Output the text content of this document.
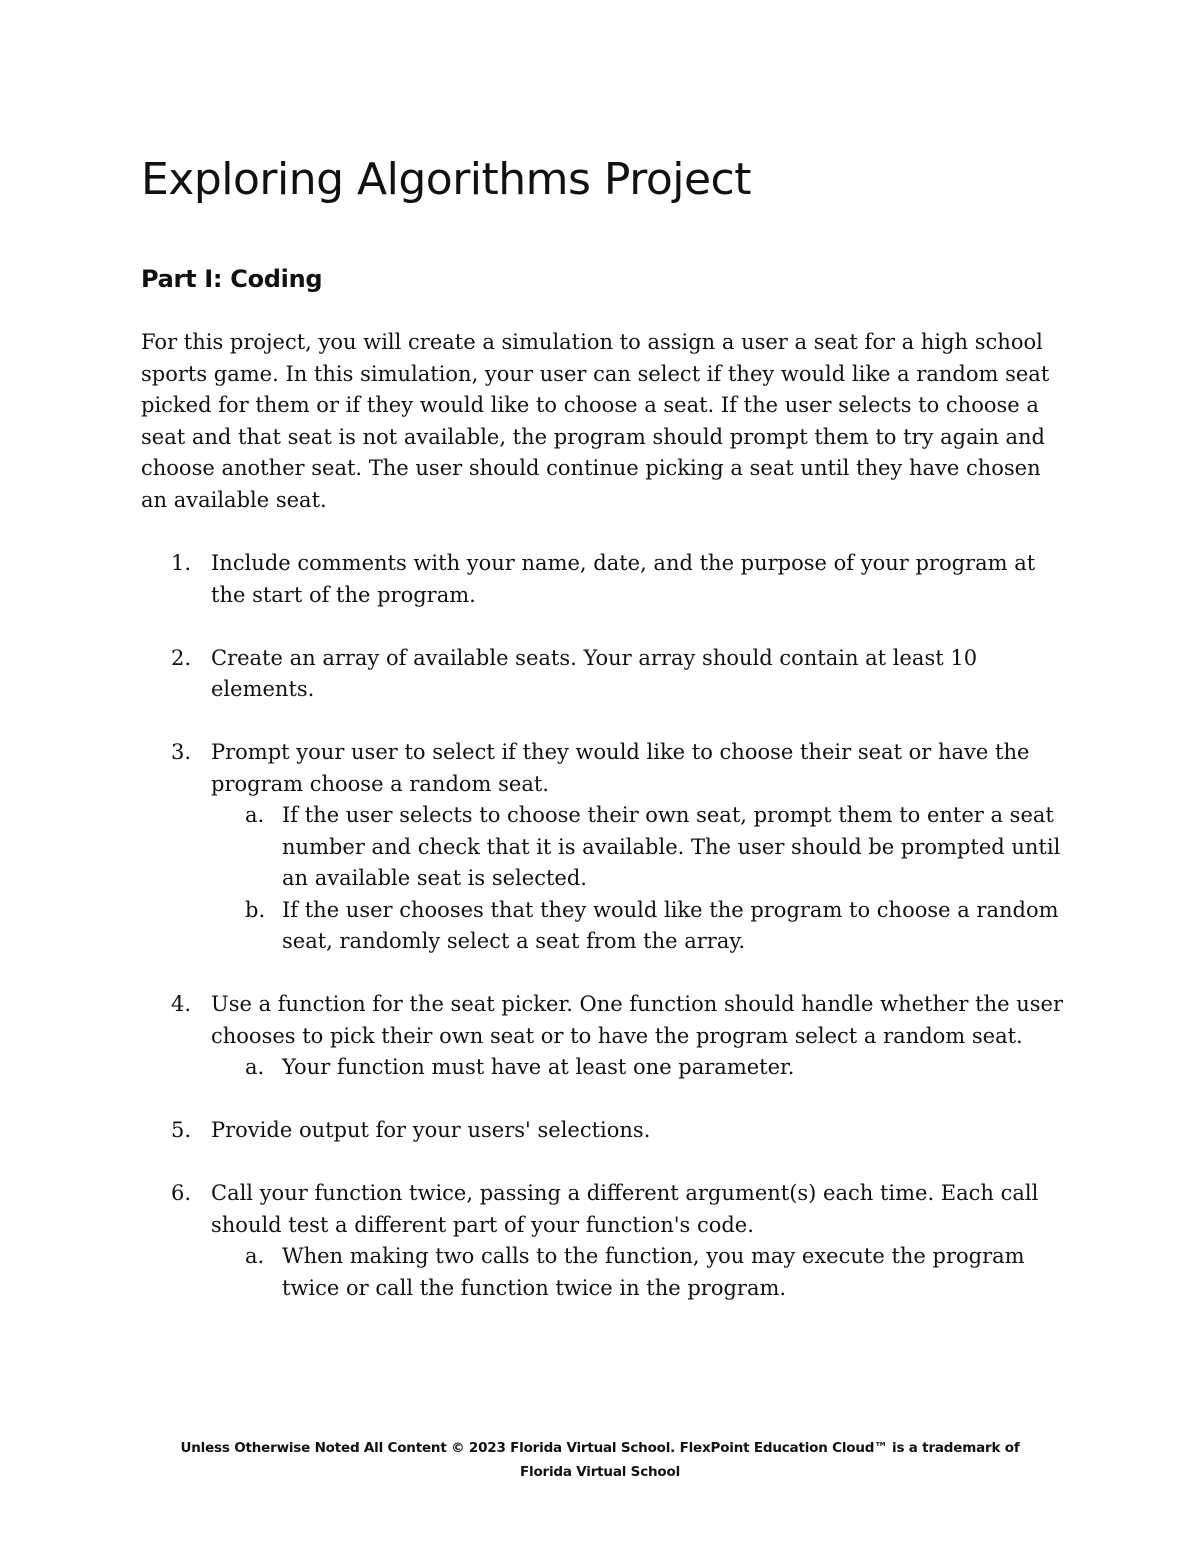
Exploring Algorithms Project
Part I: Coding

For this project, you will create a simulation to assign a user a seat for a high school sports game. In this simulation, your user can select if they would like a random seat picked for them or if they would like to choose a seat. If the user selects to choose a seat and that seat is not available, the program should prompt them to try again and choose another seat. The user should continue picking a seat until they have chosen an available seat.

1. Include comments with your name, date, and the purpose of your program at the start of the program.
2. Create an array of available seats. Your array should contain at least 10 elements.
3. Prompt your user to select if they would like to choose their seat or have the program choose a random seat.
a. If the user selects to choose their own seat, prompt them to enter a seat number and check that it is available. The user should be prompted until an available seat is selected.
b. If the user chooses that they would like the program to choose a random seat, randomly select a seat from the array.
4. Use a function for the seat picker. One function should handle whether the user chooses to pick their own seat or to have the program select a random seat.
a. Your function must have at least one parameter.
5. Provide output for your users' selections.
6. Call your function twice, passing a different argument(s) each time. Each call should test a different part of your function's code.
a. When making two calls to the function, you may execute the program twice or call the function twice in the program.

Unless Otherwise Noted All Content © 2023 Florida Virtual School. FlexPoint Education Cloud™ is a trademark of

Florida Virtual School
